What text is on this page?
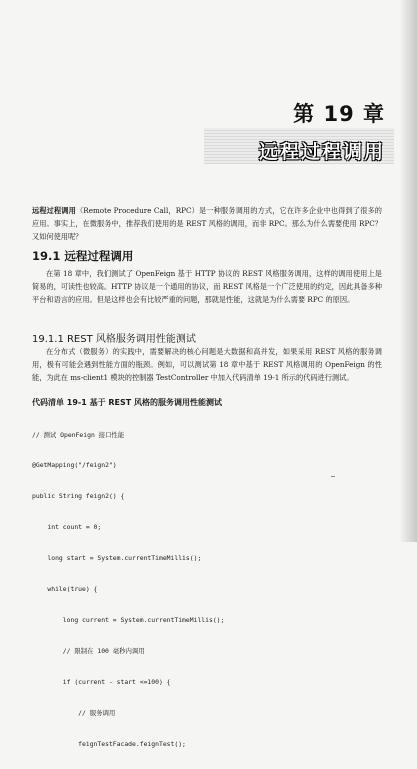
第 19 章
远程过程调用
远程过程调用（Remote Procedure Call，RPC）是一种服务调用的方式，它在许多企业中也得到了很多的应用。事实上，在微服务中，推荐我们使用的是 REST 风格的调用，而非 RPC。那么为什么需要使用 RPC？又如何使用呢？
19.1 远程过程调用
在第 18 章中，我们测试了 OpenFeign 基于 HTTP 协议的 REST 风格服务调用，这样的调用使用上是简易的，可读性也较高。HTTP 协议是一个通用的协议，而 REST 风格是一个广泛使用的约定，因此具备多种平台和语言的应用。但是这样也会有比较严重的问题，那就是性能，这就是为什么需要 RPC 的原因。
19.1.1 REST 风格服务调用性能测试
在分布式（微服务）的实践中，需要解决的核心问题是大数据和高并发，如果采用 REST 风格的服务调用，极有可能会遇到性能方面的瓶颈。例如，可以测试第 18 章中基于 REST 风格调用的 OpenFeign 的性能，为此在 ms-client1 模块的控制器 TestController 中加入代码清单 19-1 所示的代码进行测试。
代码清单 19-1 基于 REST 风格的服务调用性能测试

// 测试 OpenFeign 接口性能

@GetMapping("/feign2")

public String feign2() {

int count = 0;

long start = System.currentTimeMillis();

while(true) {

long current = System.currentTimeMillis();

// 限制在 100 毫秒内调用

if (current - start <=100) {

// 服务调用

feignTestFacade.feignTest();
